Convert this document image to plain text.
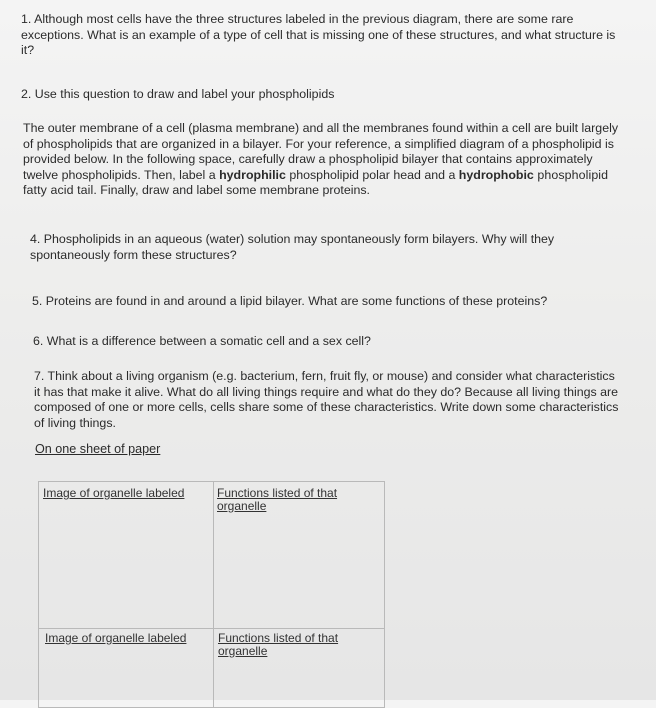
1. Although most cells have the three structures labeled in the previous diagram, there are some rare exceptions. What is an example of a type of cell that is missing one of these structures, and what structure is it?

2. Use this question to draw and label your phospholipids

The outer membrane of a cell (plasma membrane) and all the membranes found within a cell are built largely of phospholipids that are organized in a bilayer. For your reference, a simplified diagram of a phospholipid is provided below. In the following space, carefully draw a phospholipid bilayer that contains approximately twelve phospholipids. Then, label a hydrophilic phospholipid polar head and a hydrophobic phospholipid fatty acid tail. Finally, draw and label some membrane proteins.

4. Phospholipids in an aqueous (water) solution may spontaneously form bilayers. Why will they spontaneously form these structures?

5. Proteins are found in and around a lipid bilayer. What are some functions of these proteins?

6. What is a difference between a somatic cell and a sex cell?

7. Think about a living organism (e.g. bacterium, fern, fruit fly, or mouse) and consider what characteristics it has that make it alive. What do all living things require and what do they do? Because all living things are composed of one or more cells, cells share some of these characteristics. Write down some characteristics of living things.

On one sheet of paper

Image of organelle labeled	Functions listed of that organelle
Image of organelle labeled	Functions listed of that organelle
